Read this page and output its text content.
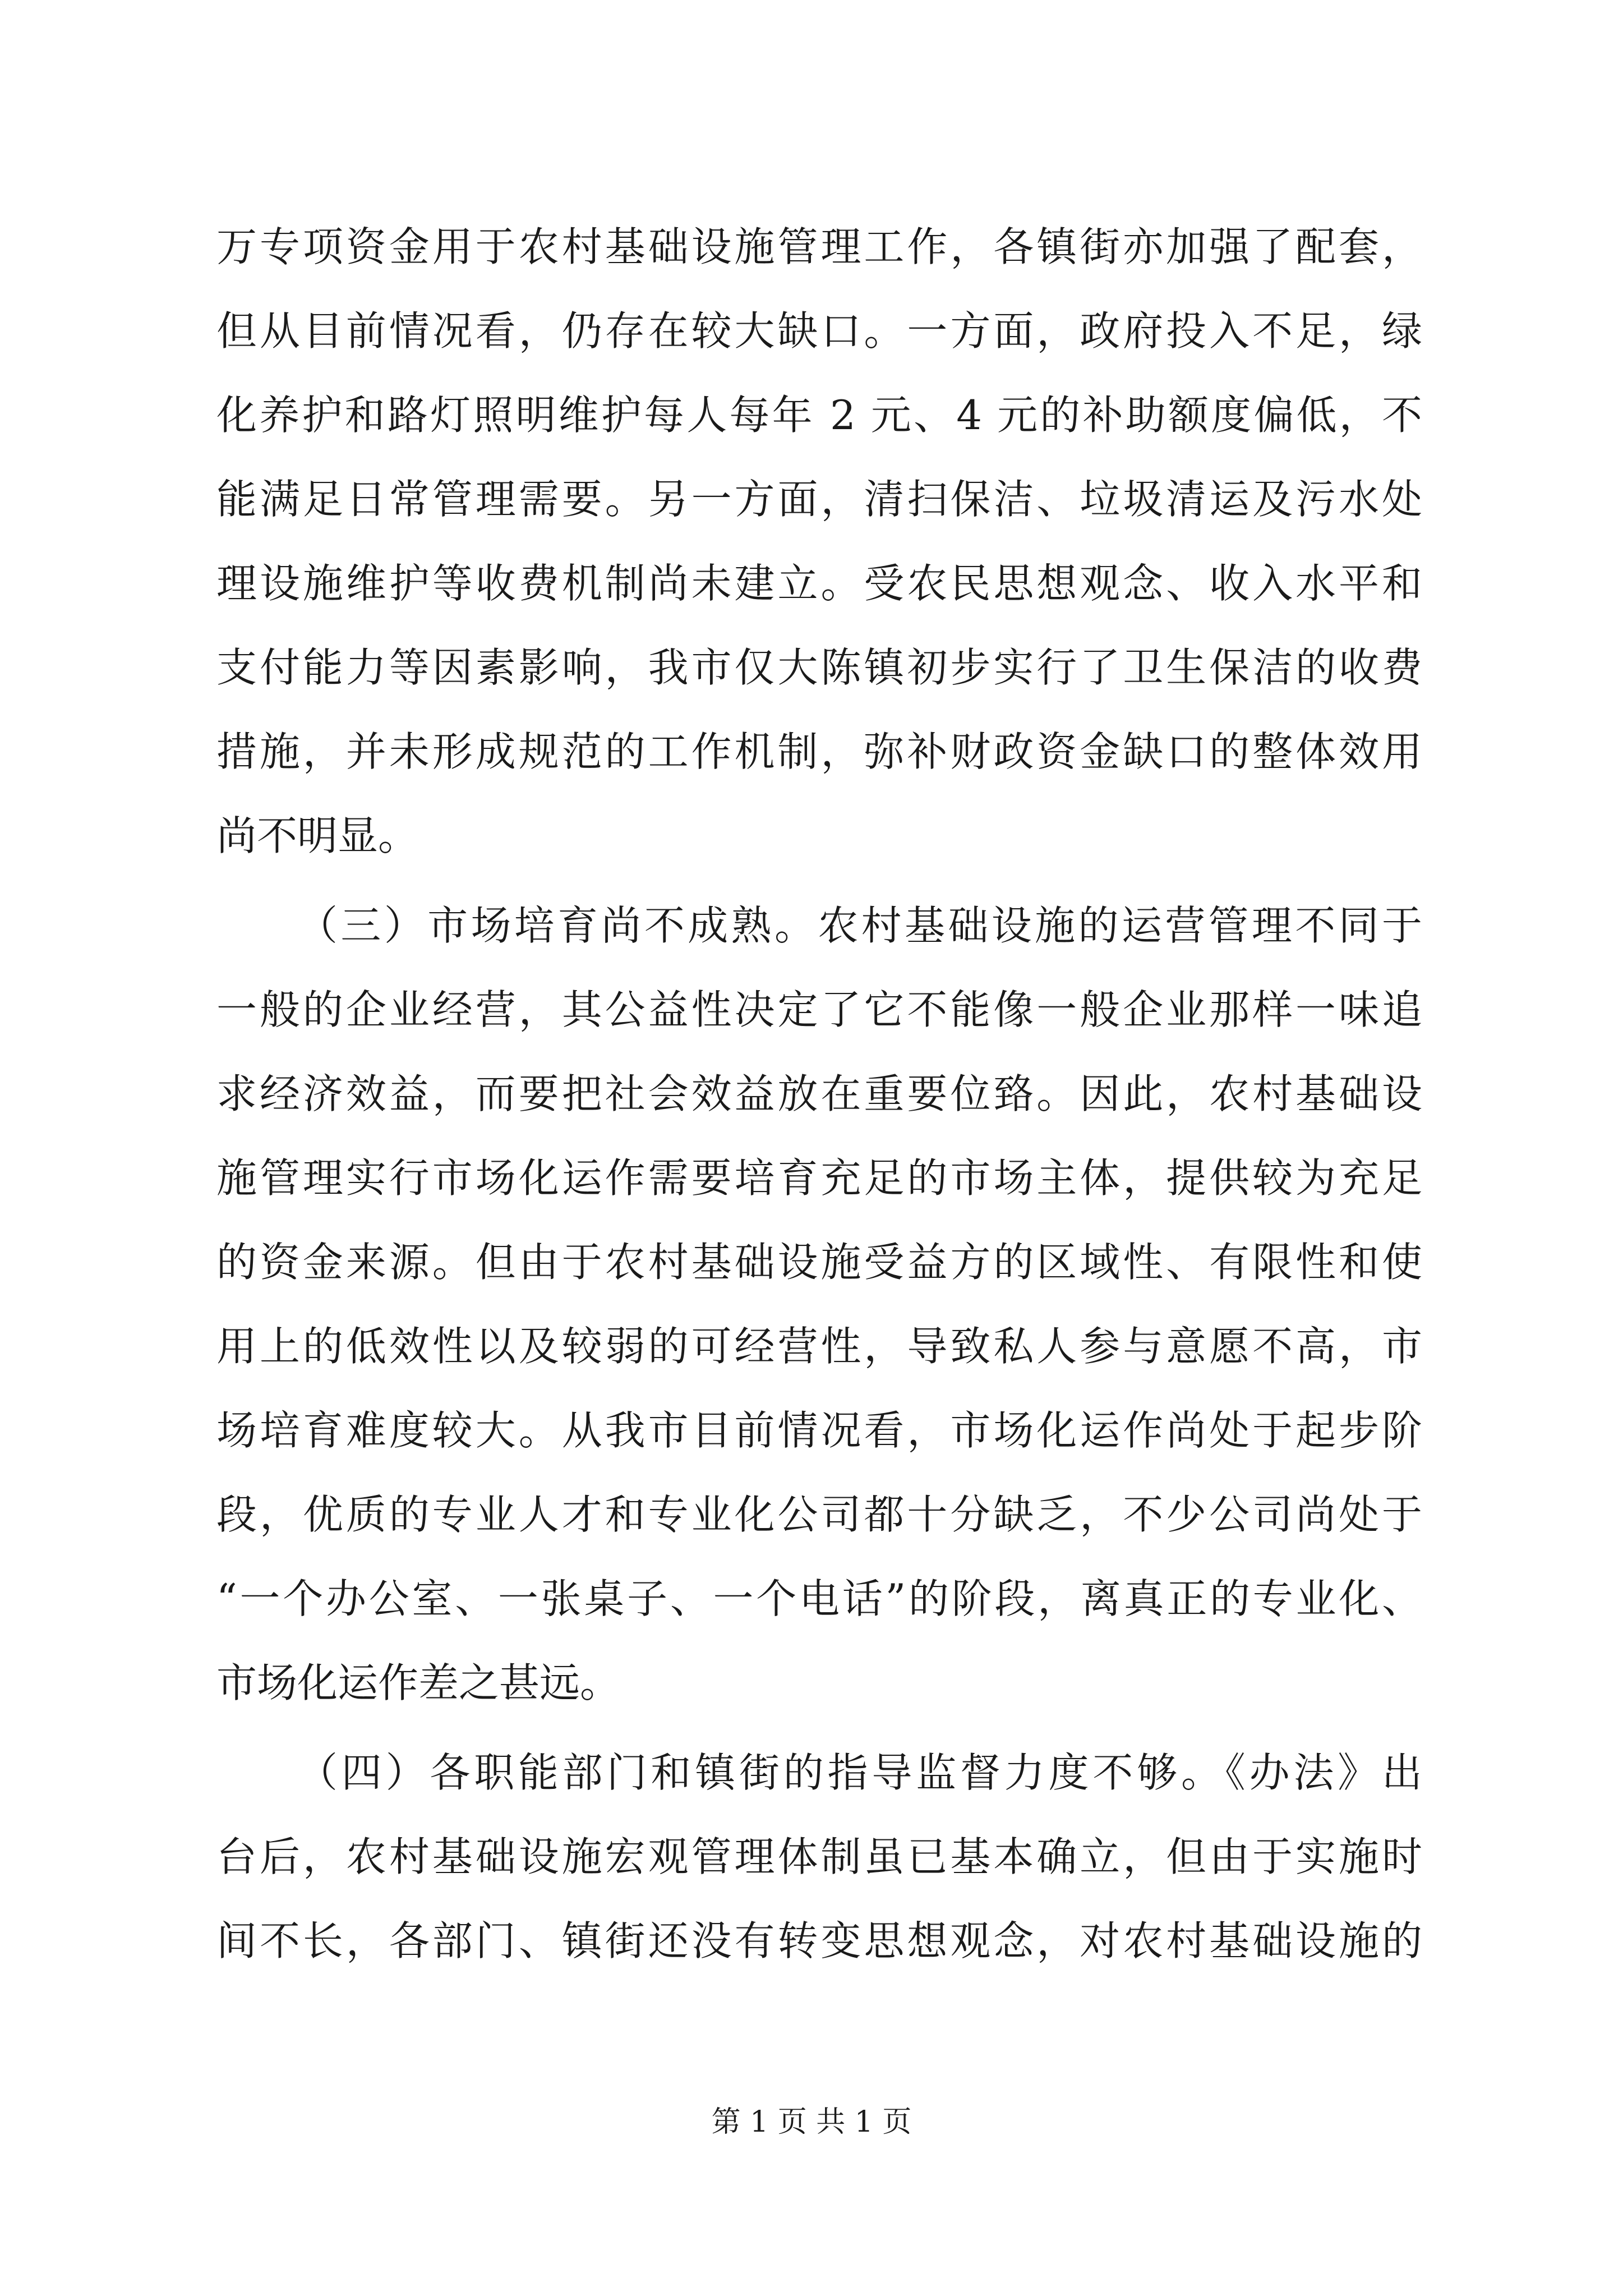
万专项资金用于农村基础设施管理工作，各镇街亦加强了配套，
但从目前情况看，仍存在较大缺口。一方面，政府投入不足，绿
化养护和路灯照明维护每人每年 2 元、4 元的补助额度偏低，不
能满足日常管理需要。另一方面，清扫保洁、垃圾清运及污水处
理设施维护等收费机制尚未建立。受农民思想观念、收入水平和
支付能力等因素影响，我市仅大陈镇初步实行了卫生保洁的收费
措施，并未形成规范的工作机制，弥补财政资金缺口的整体效用
尚不明显。
（三）市场培育尚不成熟。农村基础设施的运营管理不同于
一般的企业经营，其公益性决定了它不能像一般企业那样一味追
求经济效益，而要把社会效益放在重要位臵。因此，农村基础设
施管理实行市场化运作需要培育充足的市场主体，提供较为充足
的资金来源。但由于农村基础设施受益方的区域性、有限性和使
用上的低效性以及较弱的可经营性，导致私人参与意愿不高，市
场培育难度较大。从我市目前情况看，市场化运作尚处于起步阶
段，优质的专业人才和专业化公司都十分缺乏，不少公司尚处于
“一个办公室、一张桌子、一个电话”的阶段，离真正的专业化、
市场化运作差之甚远。
（四）各职能部门和镇街的指导监督力度不够。《办法》出
台后，农村基础设施宏观管理体制虽已基本确立，但由于实施时
间不长，各部门、镇街还没有转变思想观念，对农村基础设施的
第 1 页 共 1 页
